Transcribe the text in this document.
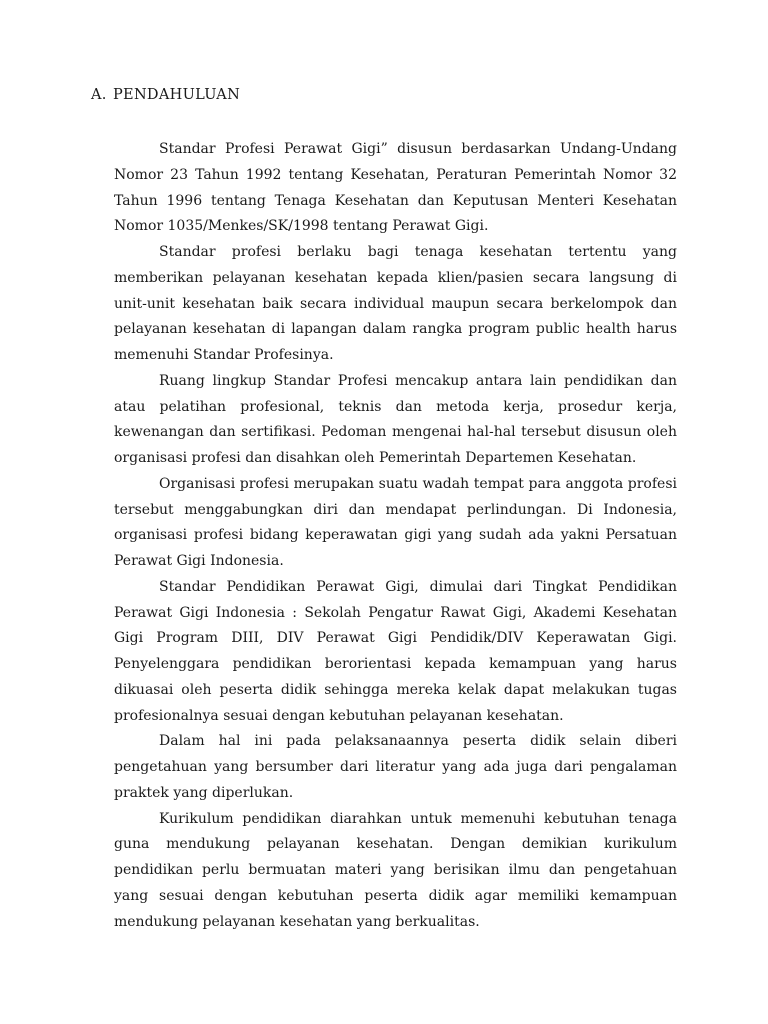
A. PENDAHULUAN

Standar Profesi Perawat Gigi” disusun berdasarkan Undang-Undang Nomor 23 Tahun 1992 tentang Kesehatan, Peraturan Pemerintah Nomor 32 Tahun 1996 tentang Tenaga Kesehatan dan Keputusan Menteri Kesehatan Nomor 1035/Menkes/SK/1998 tentang Perawat Gigi.

Standar profesi berlaku bagi tenaga kesehatan tertentu yang memberikan pelayanan kesehatan kepada klien/pasien secara langsung di unit-unit kesehatan baik secara individual maupun secara berkelompok dan pelayanan kesehatan di lapangan dalam rangka program public health harus memenuhi Standar Profesinya.

Ruang lingkup Standar Profesi mencakup antara lain pendidikan dan atau pelatihan profesional, teknis dan metoda kerja, prosedur kerja, kewenangan dan sertifikasi. Pedoman mengenai hal-hal tersebut disusun oleh organisasi profesi dan disahkan oleh Pemerintah Departemen Kesehatan.

Organisasi profesi merupakan suatu wadah tempat para anggota profesi tersebut menggabungkan diri dan mendapat perlindungan. Di Indonesia, organisasi profesi bidang keperawatan gigi yang sudah ada yakni Persatuan Perawat Gigi Indonesia.

Standar Pendidikan Perawat Gigi, dimulai dari Tingkat Pendidikan Perawat Gigi Indonesia : Sekolah Pengatur Rawat Gigi, Akademi Kesehatan Gigi Program DIII, DIV Perawat Gigi Pendidik/DIV Keperawatan Gigi. Penyelenggara pendidikan berorientasi kepada kemampuan yang harus dikuasai oleh peserta didik sehingga mereka kelak dapat melakukan tugas profesionalnya sesuai dengan kebutuhan pelayanan kesehatan.

Dalam hal ini pada pelaksanaannya peserta didik selain diberi pengetahuan yang bersumber dari literatur yang ada juga dari pengalaman praktek yang diperlukan.

Kurikulum pendidikan diarahkan untuk memenuhi kebutuhan tenaga guna mendukung pelayanan kesehatan. Dengan demikian kurikulum pendidikan perlu bermuatan materi yang berisikan ilmu dan pengetahuan yang sesuai dengan kebutuhan peserta didik agar memiliki kemampuan mendukung pelayanan kesehatan yang berkualitas.
